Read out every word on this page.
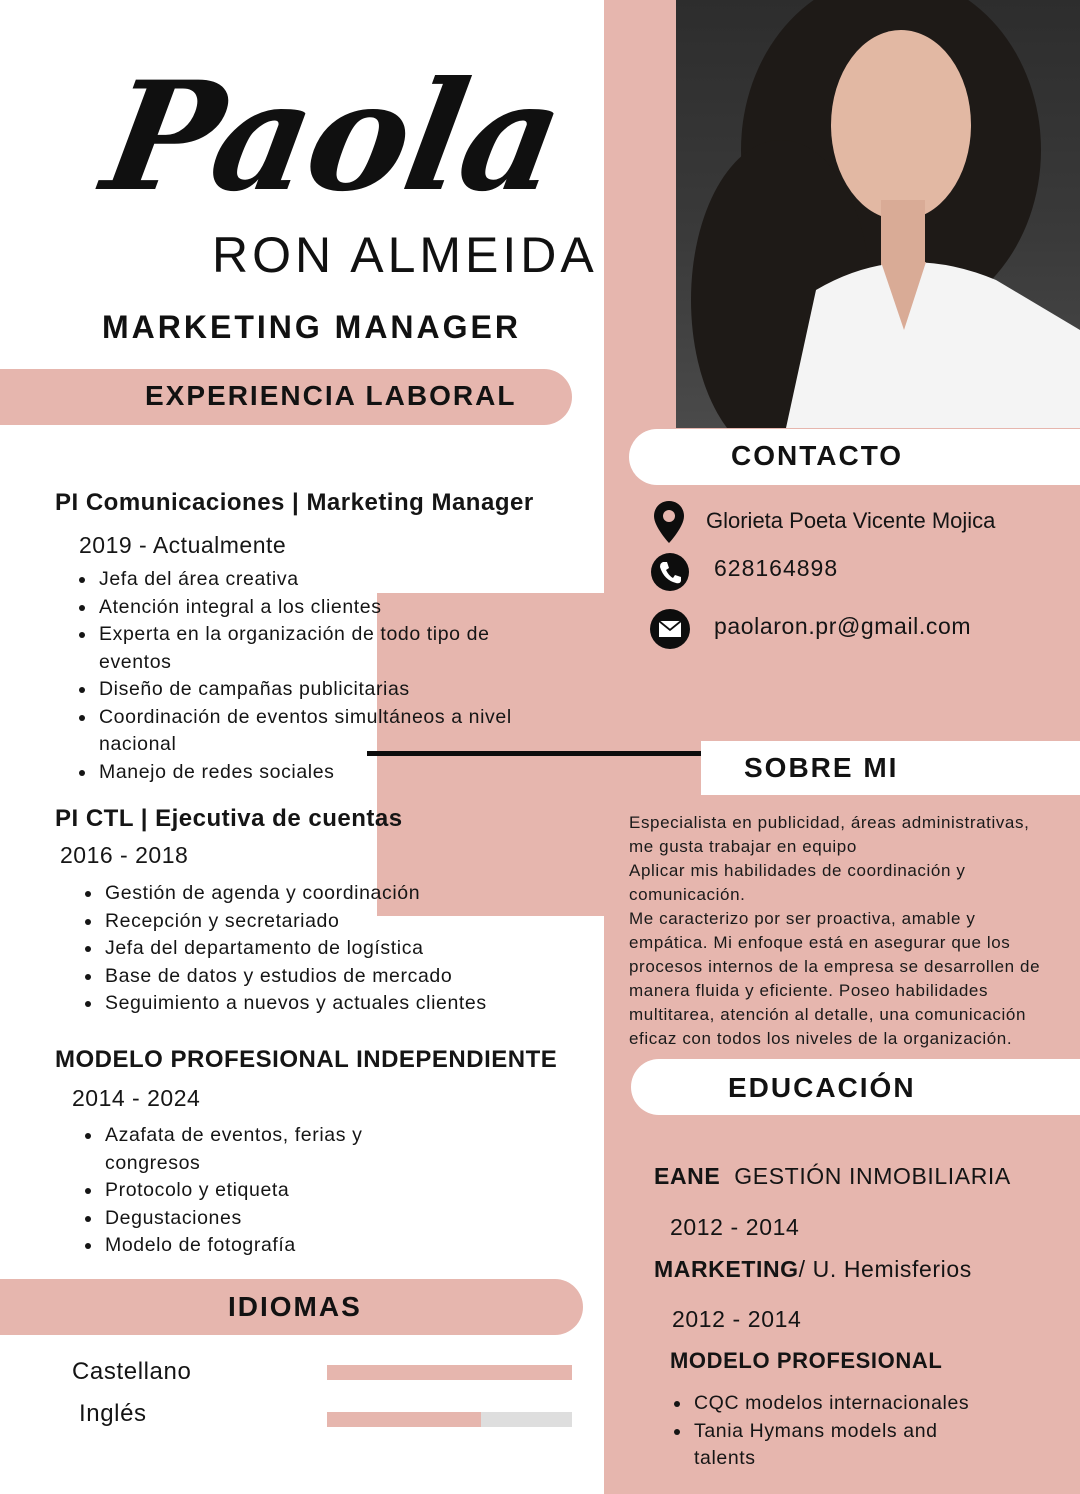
Paola
RON ALMEIDA
MARKETING MANAGER
EXPERIENCIA LABORAL
PI Comunicaciones | Marketing Manager
2019 - Actualmente
Jefa del área creativa
Atención integral a los clientes
Experta en la organización de todo tipo de eventos
Diseño de campañas publicitarias
Coordinación de eventos simultáneos a nivel nacional
Manejo de redes sociales
PI CTL | Ejecutiva de cuentas
2016 - 2018
Gestión de agenda y coordinación
Recepción y secretariado
Jefa del departamento de logística
Base de datos y estudios de mercado
Seguimiento a nuevos y actuales clientes
MODELO PROFESIONAL INDEPENDIENTE
2014 - 2024
Azafata de eventos, ferias y congresos
Protocolo y etiqueta
Degustaciones
Modelo de fotografía
IDIOMAS
Castellano
Inglés
CONTACTO
Glorieta Poeta Vicente Mojica
628164898
paolaron.pr@gmail.com
SOBRE MI
Especialista en publicidad, áreas administrativas,
me gusta trabajar en equipo
Aplicar mis habilidades de coordinación y
comunicación.
Me caracterizo por ser proactiva, amable y
empática. Mi enfoque está en asegurar que los
procesos internos de la empresa se desarrollen de
manera fluida y eficiente. Poseo habilidades
multitarea, atención al detalle, una comunicación
eficaz con todos los niveles de la organización.
EDUCACIÓN
EANE  GESTIÓN INMOBILIARIA
2012 - 2014
MARKETING/ U. Hemisferios
2012 - 2014
MODELO PROFESIONAL
CQC modelos internacionales
Tania Hymans models and talents
